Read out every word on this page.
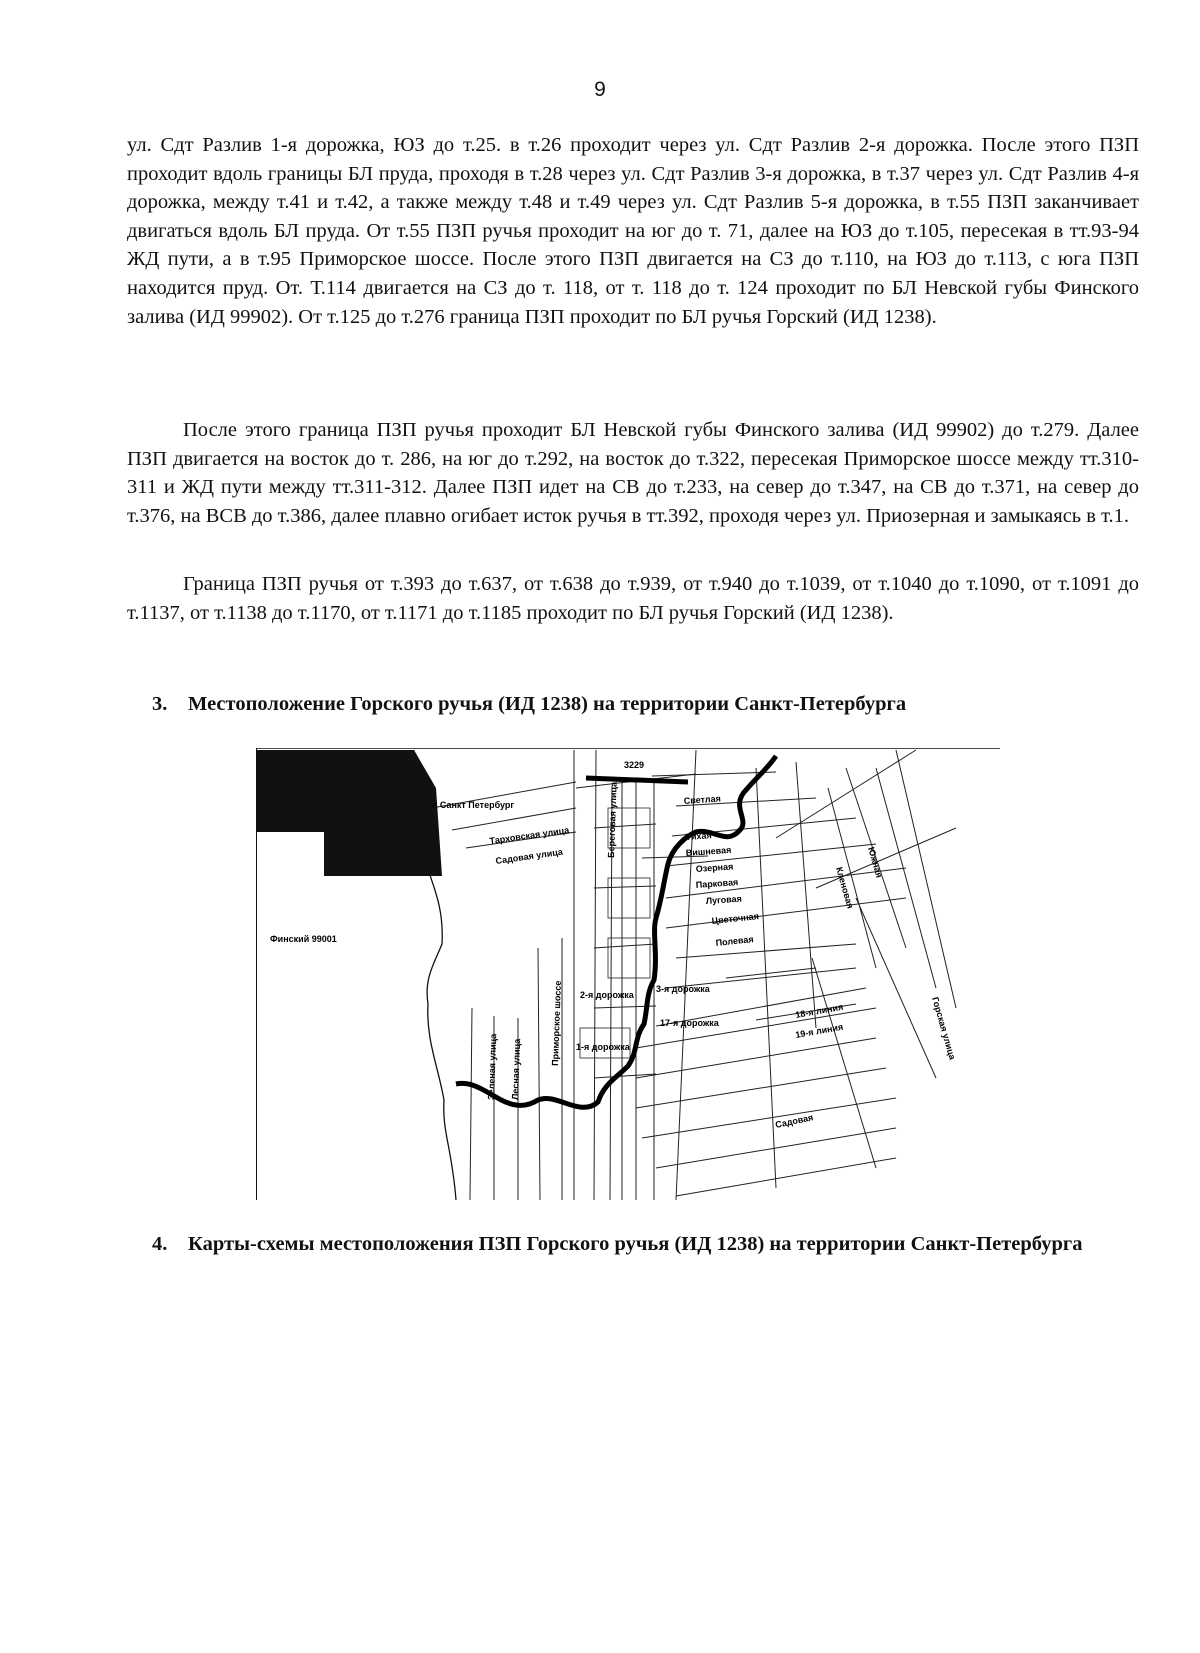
9

ул. Сдт Разлив 1-я дорожка, ЮЗ до т.25. в т.26 проходит через ул. Сдт Разлив 2-я дорожка. После этого ПЗП проходит вдоль границы БЛ пруда, проходя в т.28 через ул. Сдт Разлив 3-я дорожка, в т.37 через ул. Сдт Разлив 4-я дорожка, между т.41 и т.42, а также между т.48 и т.49 через ул. Сдт Разлив 5-я дорожка, в т.55 ПЗП заканчивает двигаться вдоль БЛ пруда. От т.55 ПЗП ручья проходит на юг до т. 71, далее на ЮЗ до т.105, пересекая в тт.93-94 ЖД пути, а в т.95 Приморское шоссе. После этого ПЗП двигается на СЗ до т.110, на ЮЗ до т.113, с юга ПЗП находится пруд. От. Т.114 двигается на СЗ до т. 118, от т. 118 до т. 124 проходит по БЛ Невской губы Финского залива (ИД 99902). От т.125 до т.276 граница ПЗП проходит по БЛ ручья Горский (ИД 1238).

После этого граница ПЗП ручья проходит БЛ Невской губы Финского залива (ИД 99902) до т.279. Далее ПЗП двигается на восток до т. 286, на юг до т.292, на восток до т.322, пересекая Приморское шоссе между тт.310-311 и ЖД пути между тт.311-312. Далее ПЗП идет на СВ до т.233, на север до т.347, на СВ до т.371, на север до т.376, на ВСВ до т.386, далее плавно огибает исток ручья в тт.392, проходя через ул. Приозерная и замыкаясь в т.1.

Граница ПЗП ручья от т.393 до т.637, от т.638 до т.939, от т.940 до т.1039, от т.1040 до т.1090, от т.1091 до т.1137, от т.1138 до т.1170, от т.1171 до т.1185 проходит по БЛ ручья Горский (ИД 1238).

3. Местоположение Горского ручья (ИД 1238) на территории Санкт-Петербурга
3229
г. Санкт Петербург
Финский 99001
Тарховская улица
Садовая улица
Приморское шоссе
Лесная улица
Зеленая улица
Береговая улица
Горская улица
Светлая
Тихая
Вишневая
Озерная
Парковая
Луговая
Цветочная
Полевая
Кленовая
Южная
Садовая
1-я дорожка
2-я дорожка
3-я дорожка
17-я дорожка
18-я линия
19-я линия
4.	Карты-схемы местоположения ПЗП Горского ручья (ИД 1238) на территории Санкт-Петербурга
